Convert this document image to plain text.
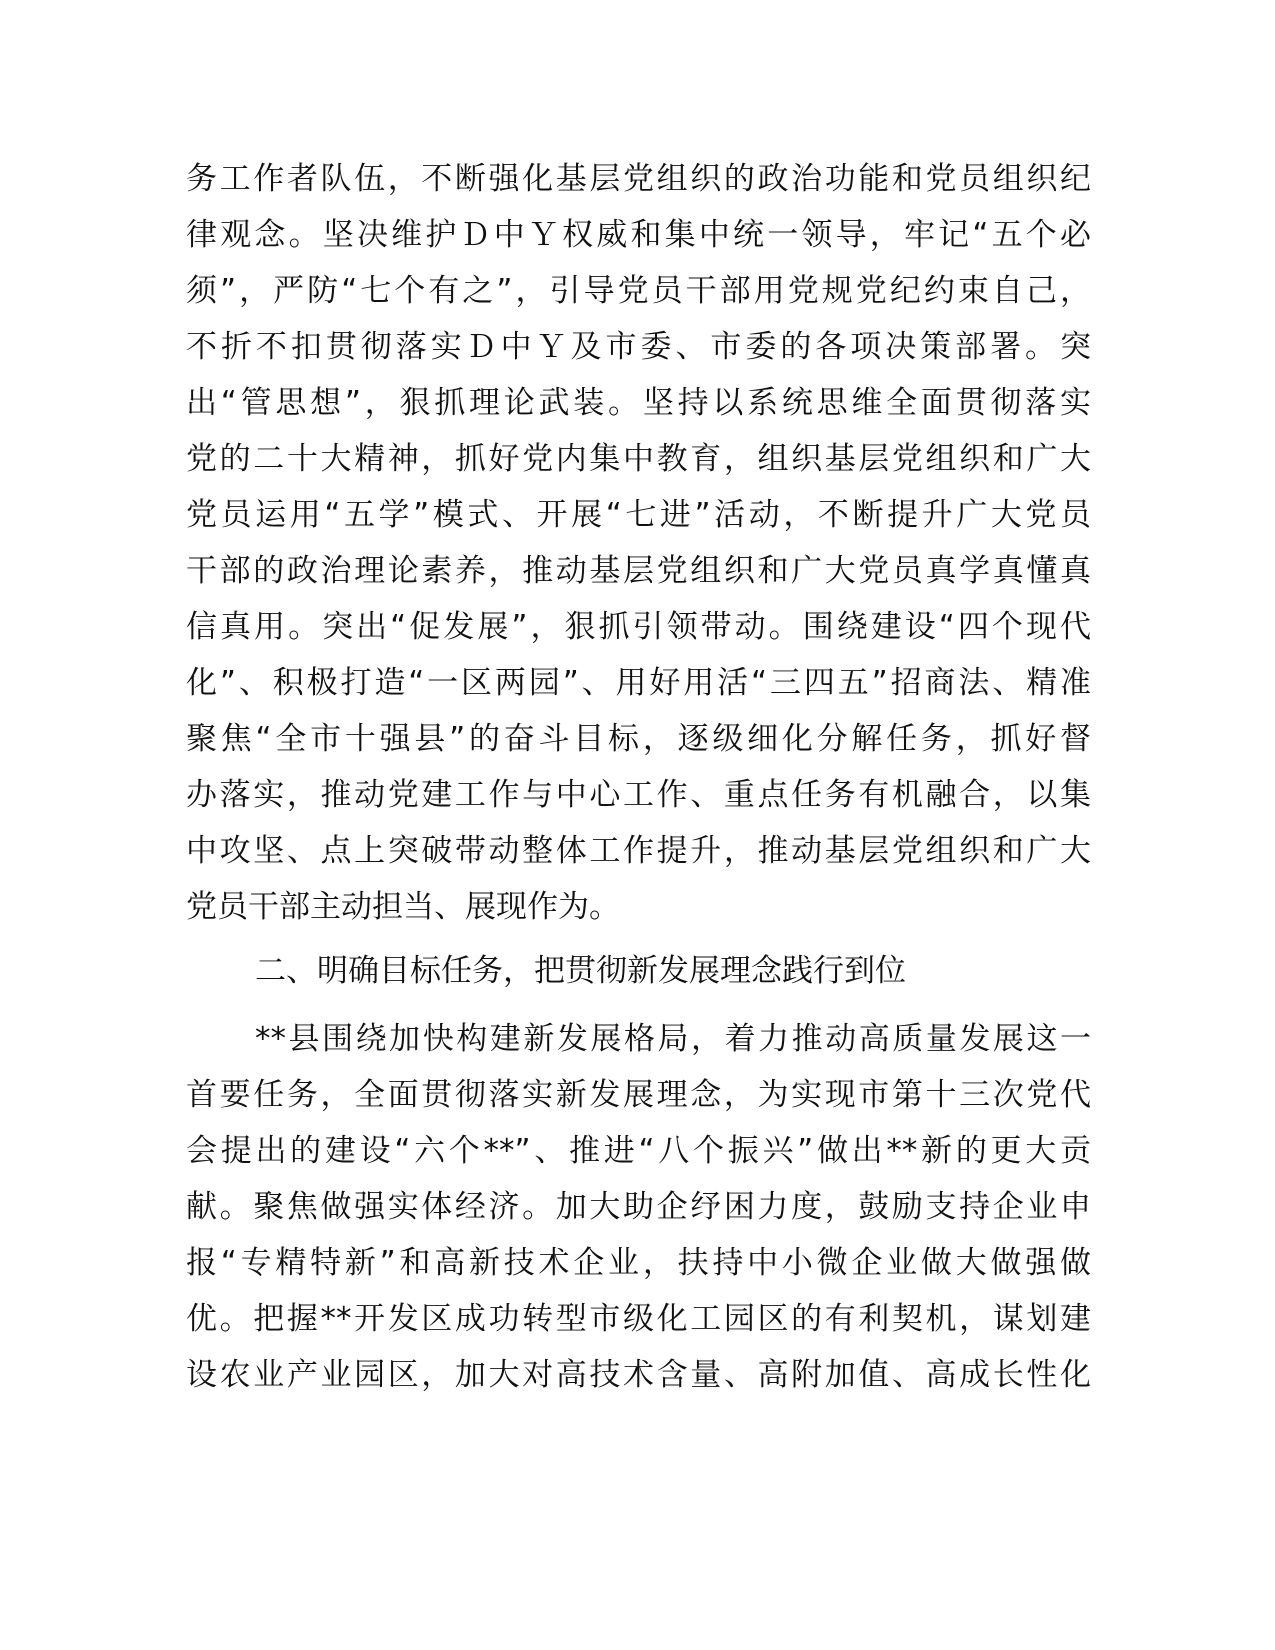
务工作者队伍，不断强化基层党组织的政治功能和党员组织纪
律观念。坚决维护Ｄ中Ｙ权威和集中统一领导，牢记“五个必
须”，严防“七个有之”，引导党员干部用党规党纪约束自己，
不折不扣贯彻落实Ｄ中Ｙ及市委、市委的各项决策部署。突
出“管思想”，狠抓理论武装。坚持以系统思维全面贯彻落实
党的二十大精神，抓好党内集中教育，组织基层党组织和广大
党员运用“五学”模式、开展“七进”活动，不断提升广大党员
干部的政治理论素养，推动基层党组织和广大党员真学真懂真
信真用。突出“促发展”，狠抓引领带动。围绕建设“四个现代
化”、积极打造“一区两园”、用好用活“三四五”招商法、精准
聚焦“全市十强县”的奋斗目标，逐级细化分解任务，抓好督
办落实，推动党建工作与中心工作、重点任务有机融合，以集
中攻坚、点上突破带动整体工作提升，推动基层党组织和广大
党员干部主动担当、展现作为。
二、明确目标任务，把贯彻新发展理念践行到位
**县围绕加快构建新发展格局，着力推动高质量发展这一
首要任务，全面贯彻落实新发展理念，为实现市第十三次党代
会提出的建设“六个**”、推进“八个振兴”做出**新的更大贡
献。聚焦做强实体经济。加大助企纾困力度，鼓励支持企业申
报“专精特新”和高新技术企业，扶持中小微企业做大做强做
优。把握**开发区成功转型市级化工园区的有利契机，谋划建
设农业产业园区，加大对高技术含量、高附加值、高成长性化
